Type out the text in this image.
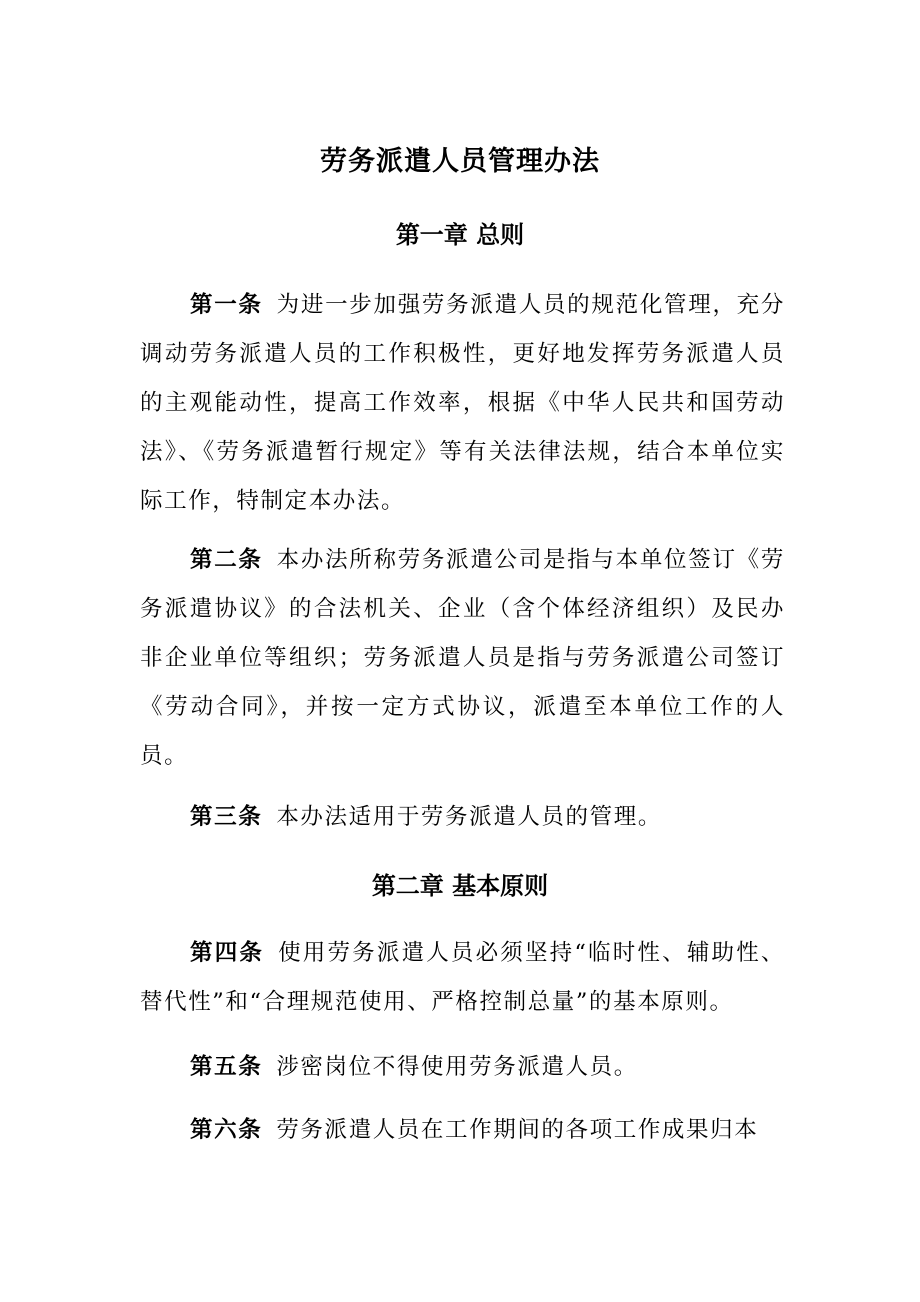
劳务派遣人员管理办法
第一章 总则

第一条 为进一步加强劳务派遣人员的规范化管理，充分调动劳务派遣人员的工作积极性，更好地发挥劳务派遣人员的主观能动性，提高工作效率，根据《中华人民共和国劳动法》、《劳务派遣暂行规定》等有关法律法规，结合本单位实际工作，特制定本办法。

第二条 本办法所称劳务派遣公司是指与本单位签订《劳务派遣协议》的合法机关、企业（含个体经济组织）及民办非企业单位等组织；劳务派遣人员是指与劳务派遣公司签订《劳动合同》，并按一定方式协议，派遣至本单位工作的人员。

第三条 本办法适用于劳务派遣人员的管理。

第二章 基本原则

第四条 使用劳务派遣人员必须坚持“临时性、辅助性、替代性”和“合理规范使用、严格控制总量”的基本原则。

第五条 涉密岗位不得使用劳务派遣人员。

第六条 劳务派遣人员在工作期间的各项工作成果归本
